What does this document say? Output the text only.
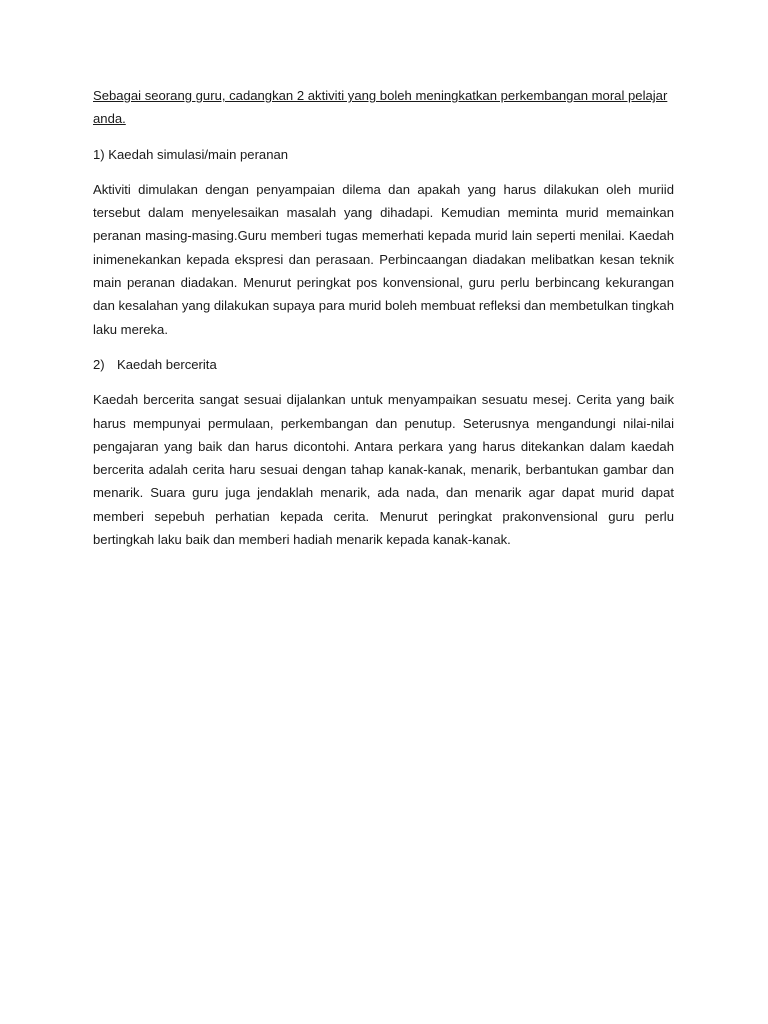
Sebagai seorang guru, cadangkan 2 aktiviti yang boleh meningkatkan perkembangan moral pelajar anda.

1) Kaedah simulasi/main peranan

Aktiviti dimulakan dengan penyampaian dilema dan apakah yang harus dilakukan oleh muriid tersebut dalam menyelesaikan masalah yang dihadapi. Kemudian meminta murid memainkan peranan masing-masing.Guru memberi tugas memerhati kepada murid lain seperti menilai. Kaedah inimenekankan kepada ekspresi dan perasaan. Perbincaangan diadakan melibatkan kesan teknik main peranan diadakan. Menurut peringkat pos konvensional, guru perlu berbincang kekurangan dan kesalahan yang dilakukan supaya para murid boleh membuat refleksi dan membetulkan tingkah laku mereka.

2) Kaedah bercerita

Kaedah bercerita sangat sesuai dijalankan untuk menyampaikan sesuatu mesej. Cerita yang baik harus mempunyai permulaan, perkembangan dan penutup. Seterusnya mengandungi nilai-nilai pengajaran yang baik dan harus dicontohi. Antara perkara yang harus ditekankan dalam kaedah bercerita adalah cerita haru sesuai dengan tahap kanak-kanak, menarik, berbantukan gambar dan menarik. Suara guru juga jendaklah menarik, ada nada, dan menarik agar dapat murid dapat memberi sepebuh perhatian kepada cerita. Menurut peringkat prakonvensional guru perlu bertingkah laku baik dan memberi hadiah menarik kepada kanak-kanak.
